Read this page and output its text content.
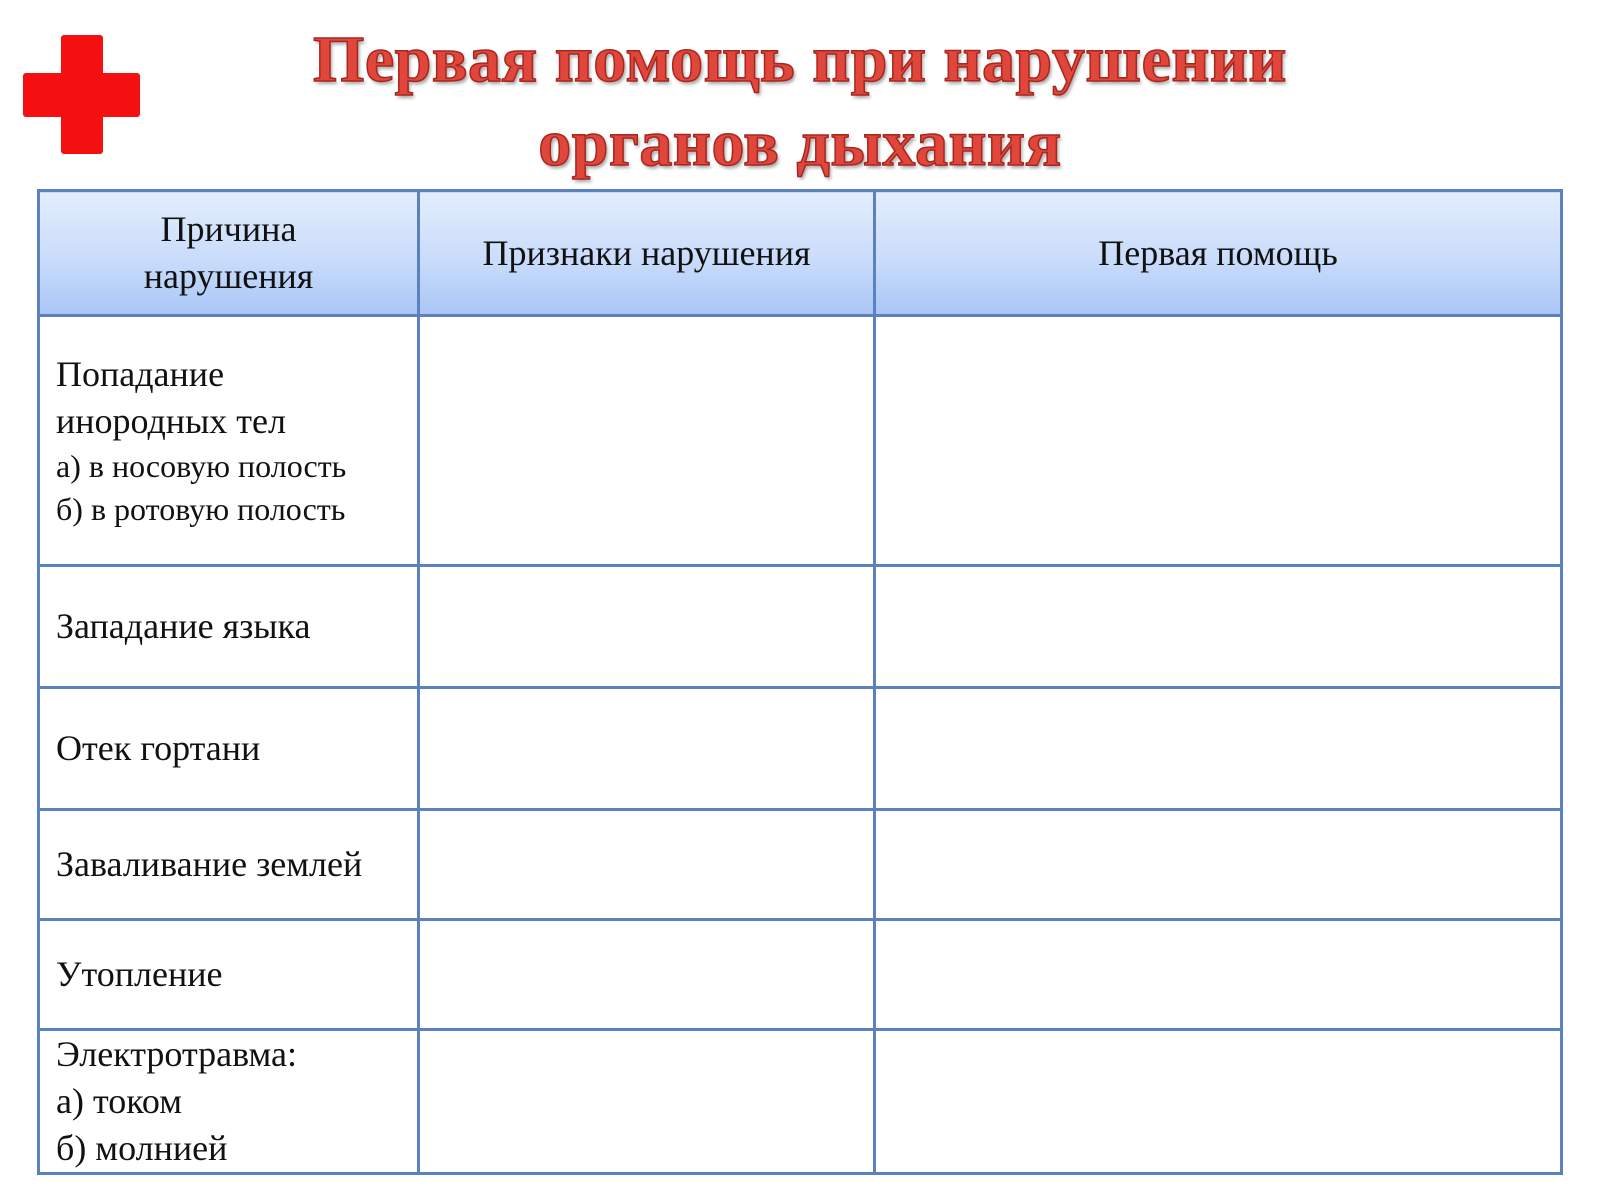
Первая помощь при нарушении
органов дыхания
Причина нарушения	Признаки нарушения	Первая помощь

Попадание
инородных тел
а) в носовую полость
б) в ротовую полость		

Западание языка		
Отек гортани		
Заваливание землей		
Утопление		

Электротравма:
а) током
б) молнией		
